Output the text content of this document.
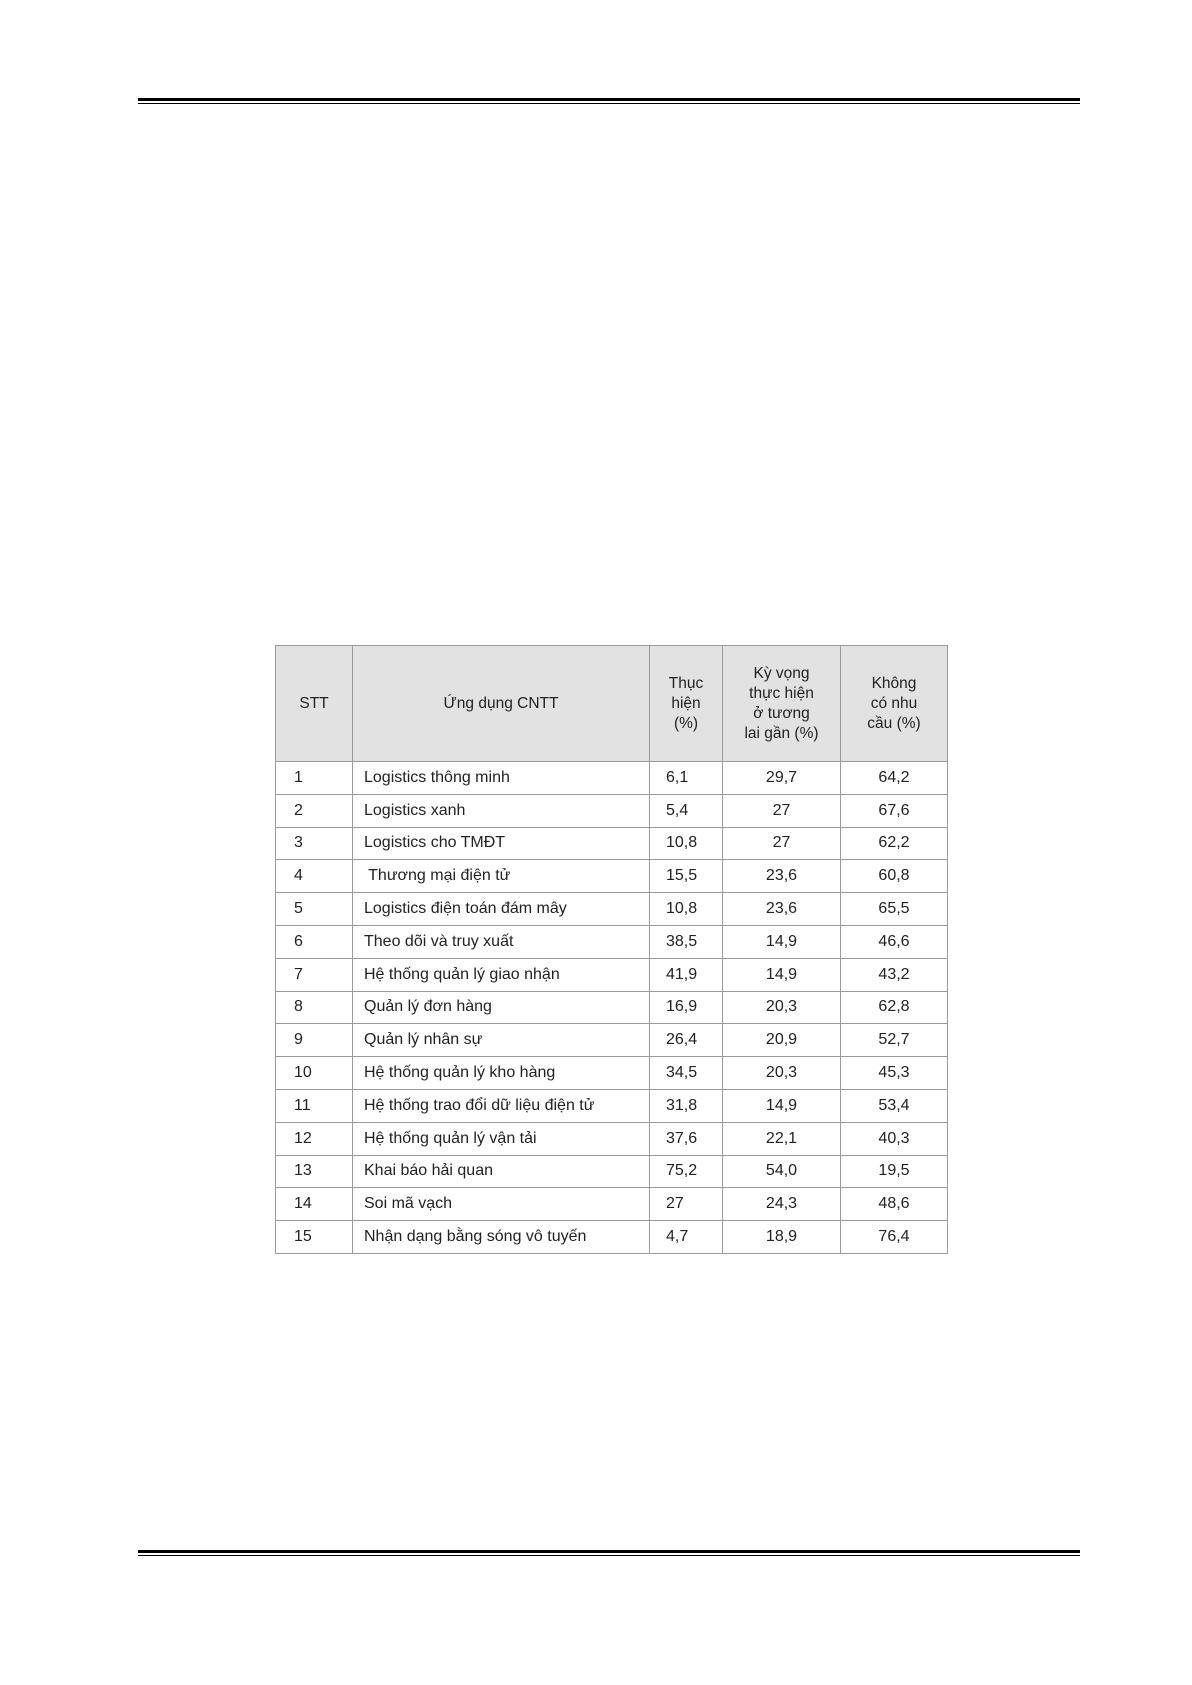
STT	Ứng dụng CNTT	Thục
hiện
(%)	Kỳ vọng
thực hiện
ở tương
lai gần (%)	Không
có nhu
cầu (%)
1	Logistics thông minh	6,1	29,7	64,2
2	Logistics xanh	5,4	27	67,6
3	Logistics cho TMĐT	10,8	27	62,2
4	Thương mại điện tử	15,5	23,6	60,8
5	Logistics điện toán đám mây	10,8	23,6	65,5
6	Theo dõi và truy xuất	38,5	14,9	46,6
7	Hệ thống quản lý giao nhận	41,9	14,9	43,2
8	Quản lý đơn hàng	16,9	20,3	62,8
9	Quản lý nhân sự	26,4	20,9	52,7
10	Hệ thống quản lý kho hàng	34,5	20,3	45,3
11	Hệ thống trao đổi dữ liệu điện tử	31,8	14,9	53,4
12	Hệ thống quản lý vận tải	37,6	22,1	40,3
13	Khai báo hải quan	75,2	54,0	19,5
14	Soi mã vạch	27	24,3	48,6
15	Nhận dạng bằng sóng vô tuyến	4,7	18,9	76,4
